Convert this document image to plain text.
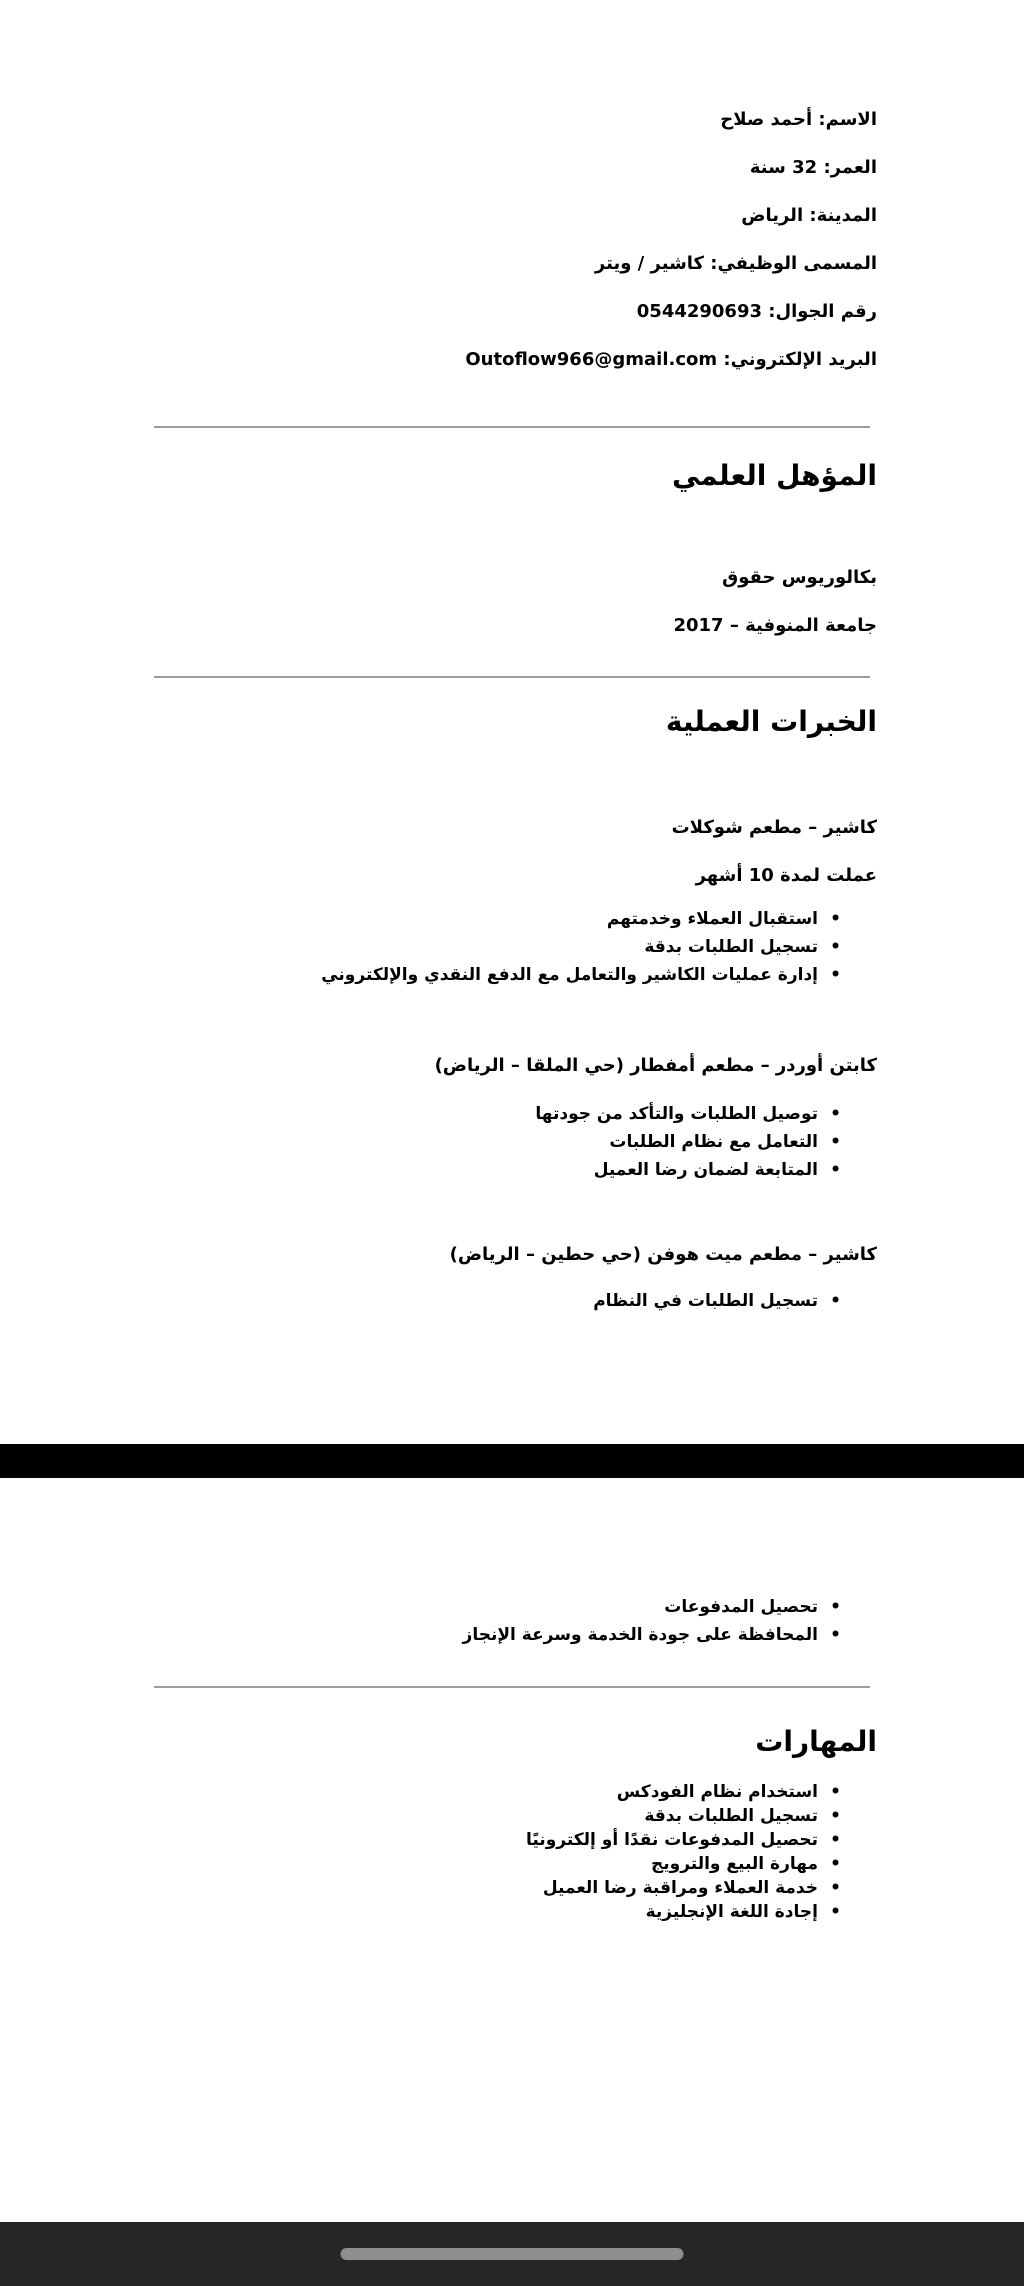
الاسم: أحمد صلاح

العمر: 32 سنة

المدينة: الرياض

المسمى الوظيفي: كاشير / ويتر

رقم الجوال: 0544290693

البريد الإلكتروني: Outoflow966@gmail.com

المؤهل العلمي

بكالوريوس حقوق

جامعة المنوفية – 2017

الخبرات العملية

كاشير – مطعم شوكلات

عملت لمدة 10 أشهر

• استقبال العملاء وخدمتهم
• تسجيل الطلبات بدقة
• إدارة عمليات الكاشير والتعامل مع الدفع النقدي والإلكتروني

كابتن أوردر – مطعم أمفطار (حي الملقا – الرياض)

• توصيل الطلبات والتأكد من جودتها
• التعامل مع نظام الطلبات
• المتابعة لضمان رضا العميل

كاشير – مطعم ميت هوفن (حي حطين – الرياض)

• تسجيل الطلبات في النظام
• تحصيل المدفوعات
• المحافظة على جودة الخدمة وسرعة الإنجاز
المهارات
• استخدام نظام الفودكس
• تسجيل الطلبات بدقة
• تحصيل المدفوعات نقدًا أو إلكترونيًا
• مهارة البيع والترويج
• خدمة العملاء ومراقبة رضا العميل
• إجادة اللغة الإنجليزية
